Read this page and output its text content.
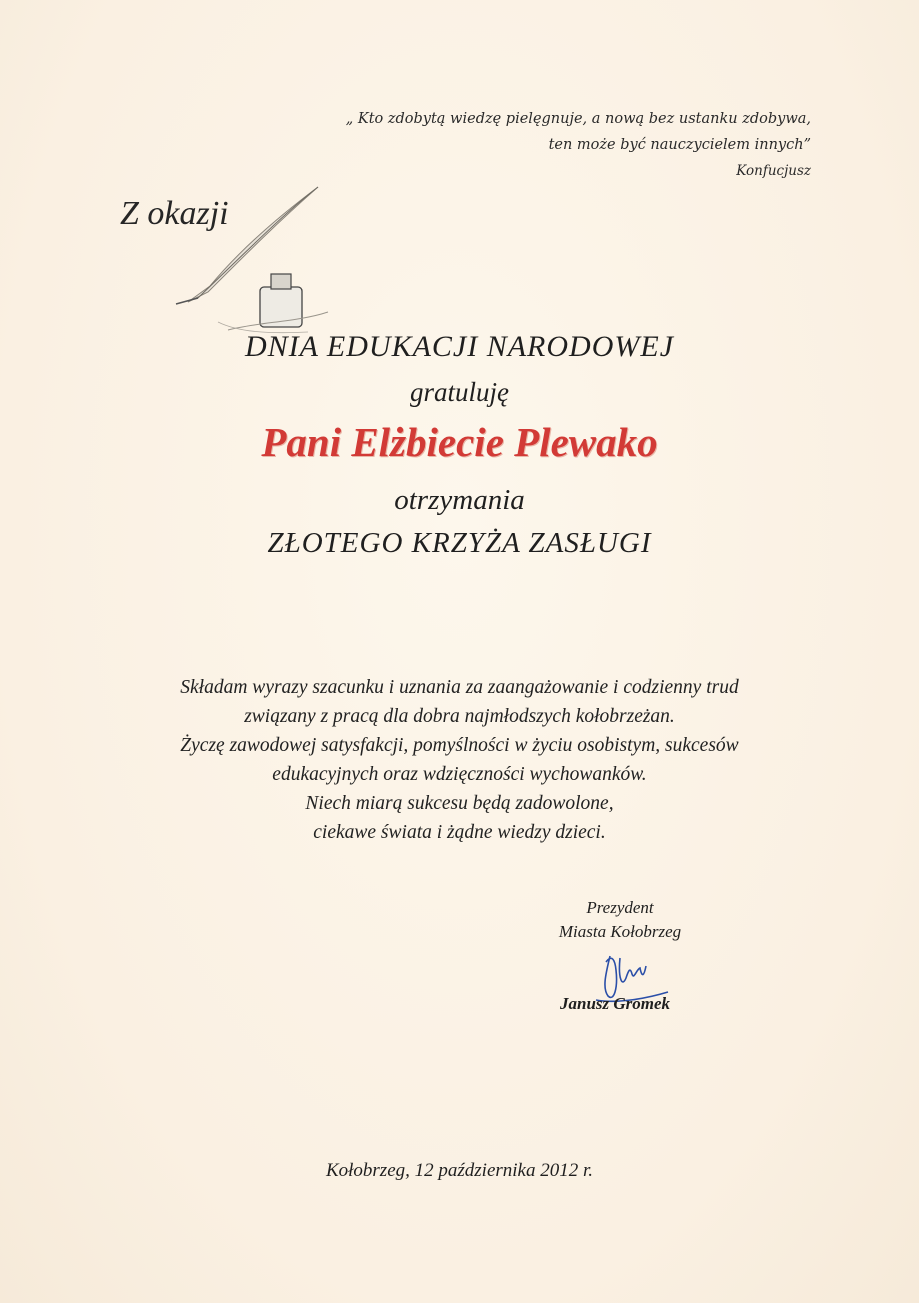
„ Kto zdobytą wiedzę pielęgnuje, a nową bez ustanku zdobywa,
ten może być nauczycielem innych”
Konfucjusz
Z okazji
DNIA EDUKACJI NARODOWEJ
gratuluję
Pani Elżbiecie Plewako
otrzymania
ZŁOTEGO KRZYŻA ZASŁUGI
Składam wyrazy szacunku i uznania za zaangażowanie i codzienny trud
związany z pracą dla dobra najmłodszych kołobrzeżan.
Życzę zawodowej satysfakcji, pomyślności w życiu osobistym, sukcesów
edukacyjnych oraz wdzięczności wychowanków.
Niech miarą sukcesu będą zadowolone,
ciekawe świata i żądne wiedzy dzieci.
Prezydent
Miasta Kołobrzeg
Janusz Gromek
Kołobrzeg, 12 października 2012 r.
